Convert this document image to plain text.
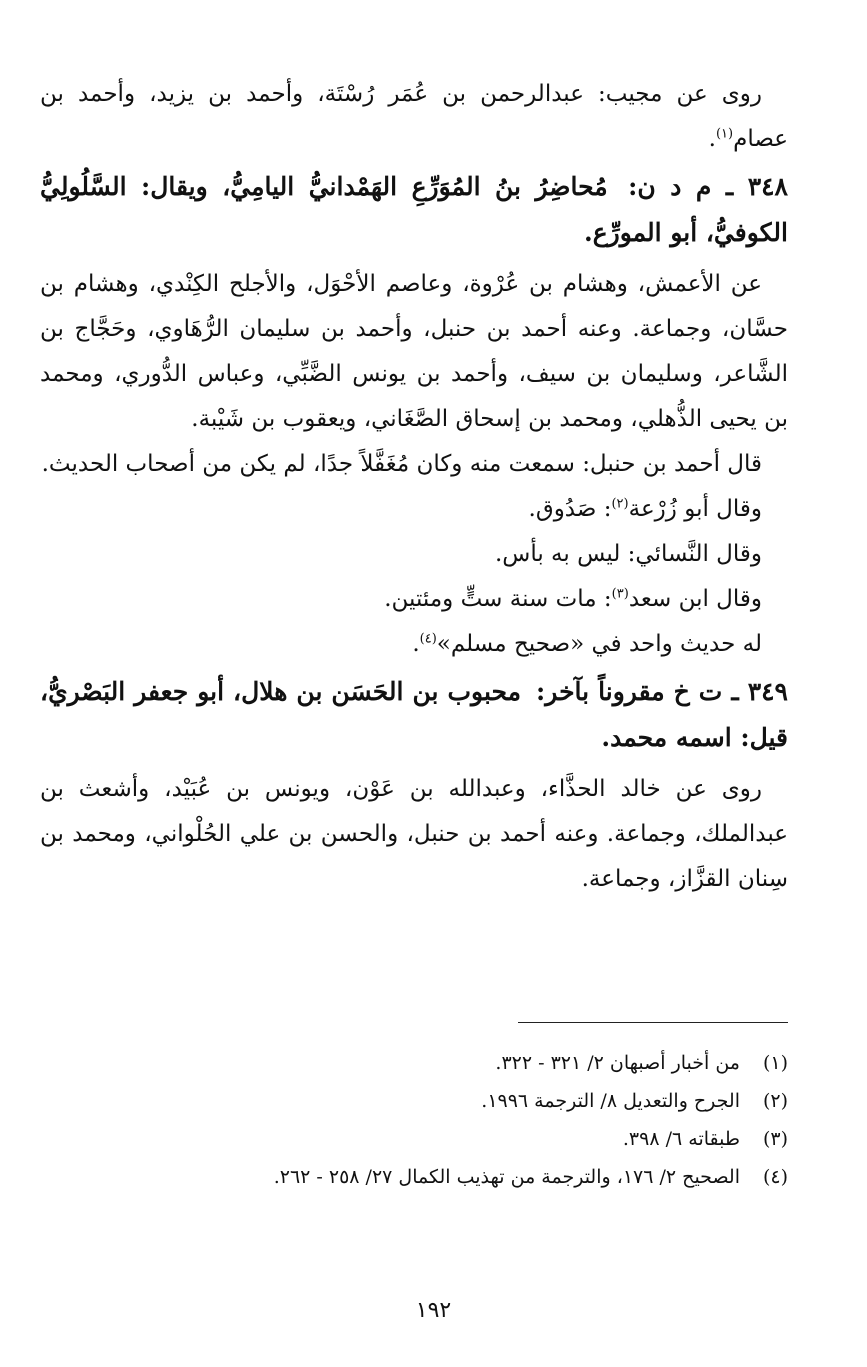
روى عن مجيب: عبدالرحمن بن عُمَر رُسْتَة، وأحمد بن يزيد، وأحمد بن عصام$^{(١)}$.

٣٤٨ ـ م د ن: مُحاضِرُ بنُ المُوَرِّعِ الهَمْدانيُّ اليامِيُّ، ويقال: السَّلُولِيُّ الكوفيُّ، أبو المورِّع.

عن الأعمش، وهشام بن عُرْوة، وعاصم الأحْوَل، والأجلح الكِنْدي، وهشام بن حسَّان، وجماعة. وعنه أحمد بن حنبل، وأحمد بن سليمان الرُّهَاوي، وحَجَّاج بن الشَّاعر، وسليمان بن سيف، وأحمد بن يونس الضَّبِّي، وعباس الدُّوري، ومحمد بن يحيى الذُّهلي، ومحمد بن إسحاق الصَّغَاني، ويعقوب بن شَيْبة.

قال أحمد بن حنبل: سمعت منه وكان مُغَفَّلاً جدًا، لم يكن من أصحاب الحديث.

وقال أبو زُرْعة$^{(٢)}$: صَدُوق.

وقال النَّسائي: ليس به بأس.

وقال ابن سعد$^{(٣)}$: مات سنة ستٍّ ومئتين.

له حديث واحد في «صحيح مسلم»$^{(٤)}$.

٣٤٩ ـ ت خ مقروناً بآخر: محبوب بن الحَسَن بن هلال، أبو جعفر البَصْريُّ، قيل: اسمه محمد.

روى عن خالد الحذَّاء، وعبدالله بن عَوْن، ويونس بن عُبَيْد، وأشعث بن عبدالملك، وجماعة. وعنه أحمد بن حنبل، والحسن بن علي الحُلْواني، ومحمد بن سِنان القزَّاز، وجماعة.

(١)
من أخبار أصبهان ٢/ ٣٢١ - ٣٢٢.
(٢)
الجرح والتعديل ٨/ الترجمة ١٩٩٦.
(٣)
طبقاته ٦/ ٣٩٨.
(٤)
الصحيح ٢/ ١٧٦، والترجمة من تهذيب الكمال ٢٧/ ٢٥٨ - ٢٦٢.
١٩٢
